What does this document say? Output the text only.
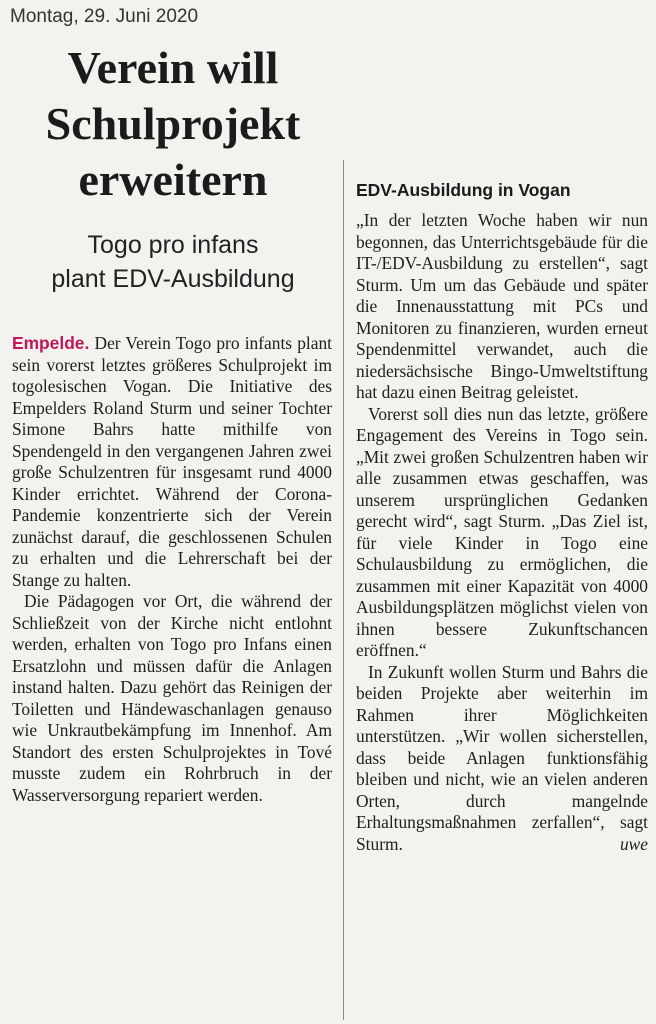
Montag, 29. Juni 2020
Verein will
Schulprojekt
erweitern
Togo pro infans
plant EDV-Ausbildung

Empelde. Der Verein Togo pro infants plant sein vorerst letztes größeres Schulprojekt im togolesischen Vogan. Die Initiative des Empelders Roland Sturm und seiner Tochter Simone Bahrs hatte mithilfe von Spendengeld in den vergangenen Jahren zwei große Schulzentren für insgesamt rund 4000 Kinder errichtet. Während der Corona-Pandemie konzentrierte sich der Verein zunächst darauf, die geschlossenen Schulen zu erhalten und die Lehrerschaft bei der Stange zu halten.

Die Pädagogen vor Ort, die während der Schließzeit von der Kirche nicht entlohnt werden, erhalten von Togo pro Infans einen Ersatzlohn und müssen dafür die Anlagen instand halten. Dazu gehört das Reinigen der Toiletten und Händewaschanlagen genauso wie Unkrautbekämpfung im Innenhof. Am Standort des ersten Schulprojektes in Tové musste zudem ein Rohrbruch in der Wasserversorgung repariert werden.

EDV-Ausbildung in Vogan

„In der letzten Woche haben wir nun begonnen, das Unterrichtsgebäude für die IT-/EDV-Ausbildung zu erstellen“, sagt Sturm. Um um das Gebäude und später die Innenausstattung mit PCs und Monitoren zu finanzieren, wurden erneut Spendenmittel verwandet, auch die niedersächsische Bingo-Umweltstiftung hat dazu einen Beitrag geleistet.

Vorerst soll dies nun das letzte, größere Engagement des Vereins in Togo sein. „Mit zwei großen Schulzentren haben wir alle zusammen etwas geschaffen, was unserem ursprünglichen Gedanken gerecht wird“, sagt Sturm. „Das Ziel ist, für viele Kinder in Togo eine Schulausbildung zu ermöglichen, die zusammen mit einer Kapazität von 4000 Ausbildungsplätzen möglichst vielen von ihnen bessere Zukunftschancen eröffnen.“

In Zukunft wollen Sturm und Bahrs die beiden Projekte aber weiterhin im Rahmen ihrer Möglichkeiten unterstützen. „Wir wollen sicherstellen, dass beide Anlagen funktionsfähig bleiben und nicht, wie an vielen anderen Orten, durch mangelnde Erhaltungsmaßnahmen zerfallen“, sagt Sturm.	uwe
